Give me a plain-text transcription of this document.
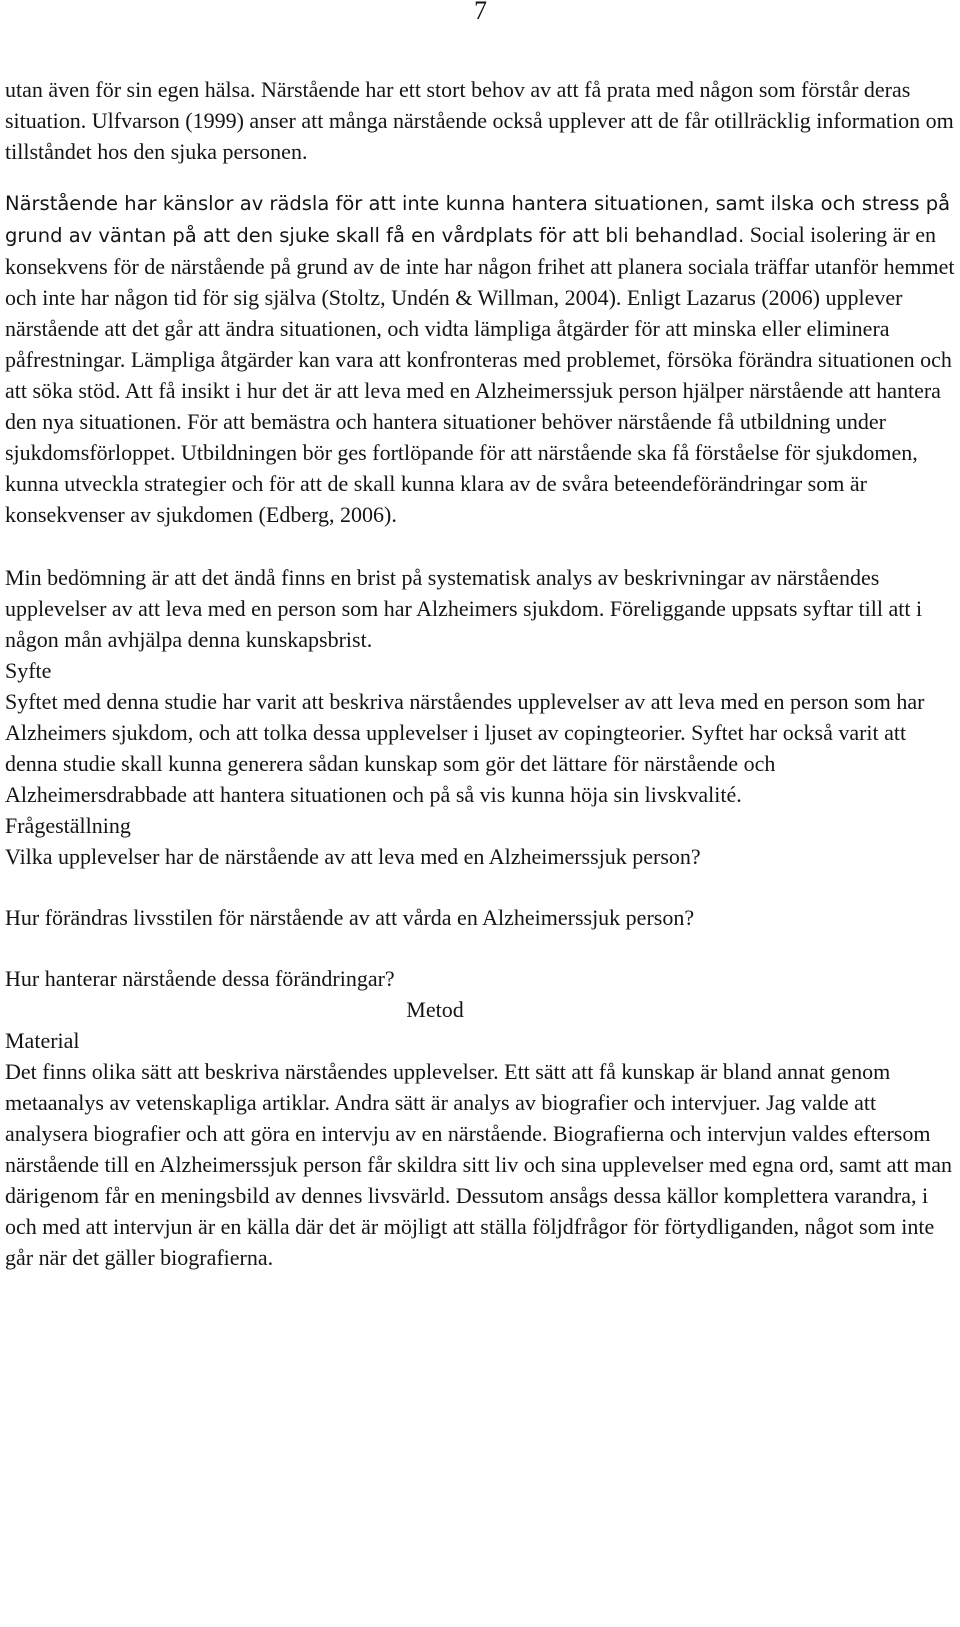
7

utan även för sin egen hälsa. Närstående har ett stort behov av att få prata med någon som förstår deras situation. Ulfvarson (1999) anser att många närstående också upplever att de får otillräcklig information om tillståndet hos den sjuka personen.

Närstående har känslor av rädsla för att inte kunna hantera situationen, samt ilska och stress på grund av väntan på att den sjuke skall få en vårdplats för att bli behandlad. Social isolering är en konsekvens för de närstående på grund av de inte har någon frihet att planera sociala träffar utanför hemmet och inte har någon tid för sig själva (Stoltz, Undén & Willman, 2004). Enligt Lazarus (2006) upplever närstående att det går att ändra situationen, och vidta lämpliga åtgärder för att minska eller eliminera påfrestningar. Lämpliga åtgärder kan vara att konfronteras med problemet, försöka förändra situationen och att söka stöd. Att få insikt i hur det är att leva med en Alzheimerssjuk person hjälper närstående att hantera den nya situationen. För att bemästra och hantera situationer behöver närstående få utbildning under sjukdomsförloppet. Utbildningen bör ges fortlöpande för att närstående ska få förståelse för sjukdomen, kunna utveckla strategier och för att de skall kunna klara av de svåra beteendeförändringar som är konsekvenser av sjukdomen (Edberg, 2006).

Min bedömning är att det ändå finns en brist på systematisk analys av beskrivningar av närståendes upplevelser av att leva med en person som har Alzheimers sjukdom. Föreliggande uppsats syftar till att i någon mån avhjälpa denna kunskapsbrist.

Syfte

Syftet med denna studie har varit att beskriva närståendes upplevelser av att leva med en person som har Alzheimers sjukdom, och att tolka dessa upplevelser i ljuset av copingteorier. Syftet har också varit att denna studie skall kunna generera sådan kunskap som gör det lättare för närstående och Alzheimersdrabbade att hantera situationen och på så vis kunna höja sin livskvalité.

Frågeställning

Vilka upplevelser har de närstående av att leva med en Alzheimerssjuk person?

Hur förändras livsstilen för närstående av att vårda en Alzheimerssjuk person?

Hur hanterar närstående dessa förändringar?

Metod
Material

Det finns olika sätt att beskriva närståendes upplevelser. Ett sätt att få kunskap är bland annat genom metaanalys av vetenskapliga artiklar. Andra sätt är analys av biografier och intervjuer. Jag valde att analysera biografier och att göra en intervju av en närstående. Biografierna och intervjun valdes eftersom närstående till en Alzheimerssjuk person får skildra sitt liv och sina upplevelser med egna ord, samt att man därigenom får en meningsbild av dennes livsvärld. Dessutom ansågs dessa källor komplettera varandra, i och med att intervjun är en källa där det är möjligt att ställa följdfrågor för förtydliganden, något som inte går när det gäller biografierna.
